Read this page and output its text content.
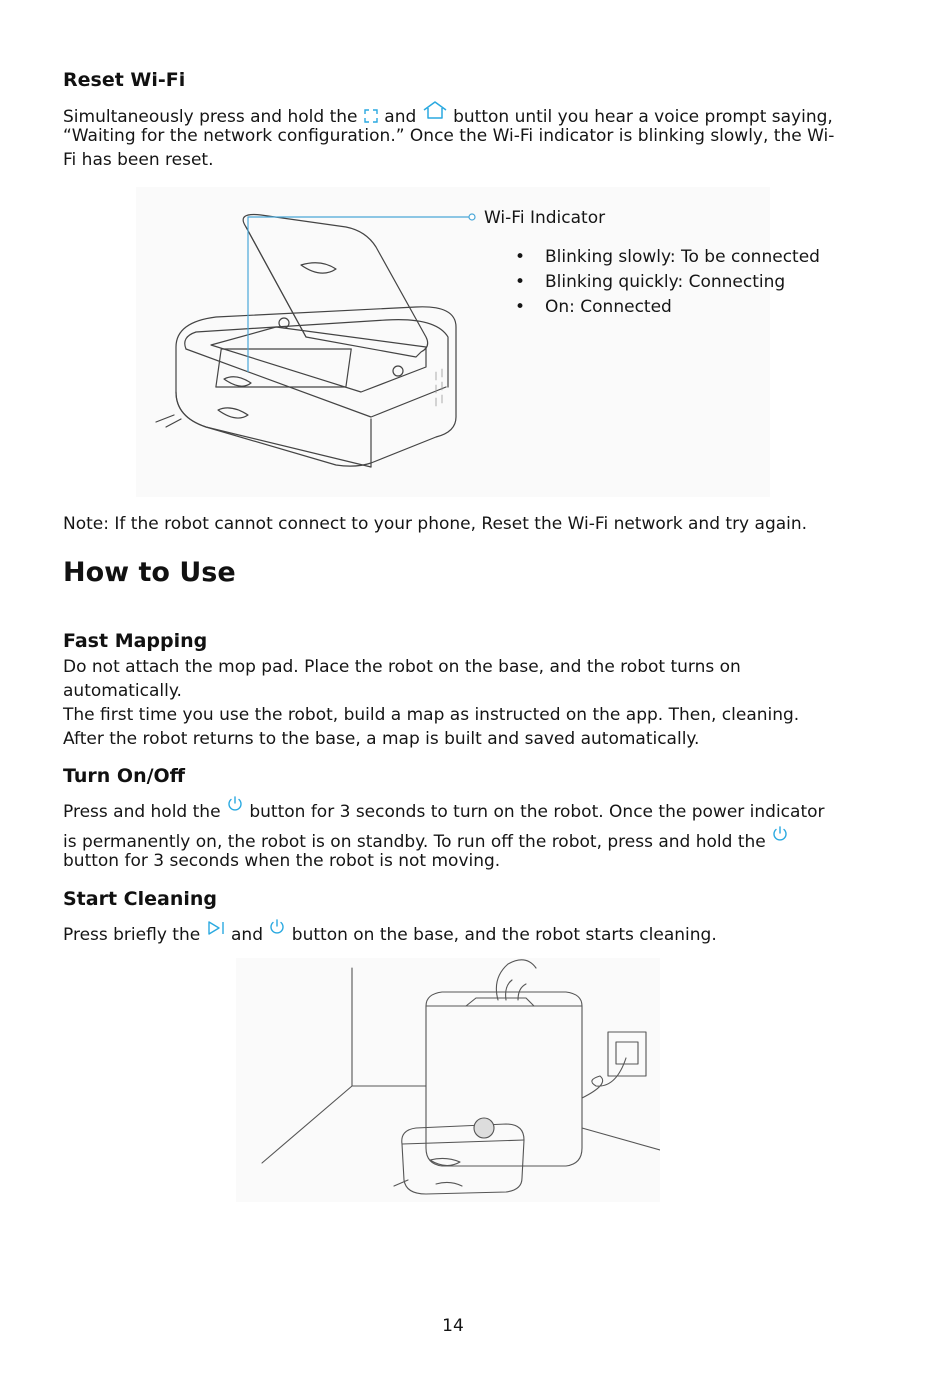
Reset Wi-Fi
Simultaneously press and hold the and button until you hear a voice prompt saying,
“Waiting for the network configuration.” Once the Wi-Fi indicator is blinking slowly, the Wi-
Fi has been reset.
Wi-Fi Indicator
• Blinking slowly: To be connected
• Blinking quickly: Connecting
• On: Connected
Note: If the robot cannot connect to your phone, Reset the Wi-Fi network and try again.
How to Use
Fast Mapping
Do not attach the mop pad. Place the robot on the base, and the robot turns on
automatically.
The first time you use the robot, build a map as instructed on the app. Then, cleaning.
After the robot returns to the base, a map is built and saved automatically.
Turn On/Off
Press and hold the button for 3 seconds to turn on the robot. Once the power indicator
is permanently on, the robot is on standby. To run off the robot, press and hold the
button for 3 seconds when the robot is not moving.
Start Cleaning
Press briefly the and button on the base, and the robot starts cleaning.
14
